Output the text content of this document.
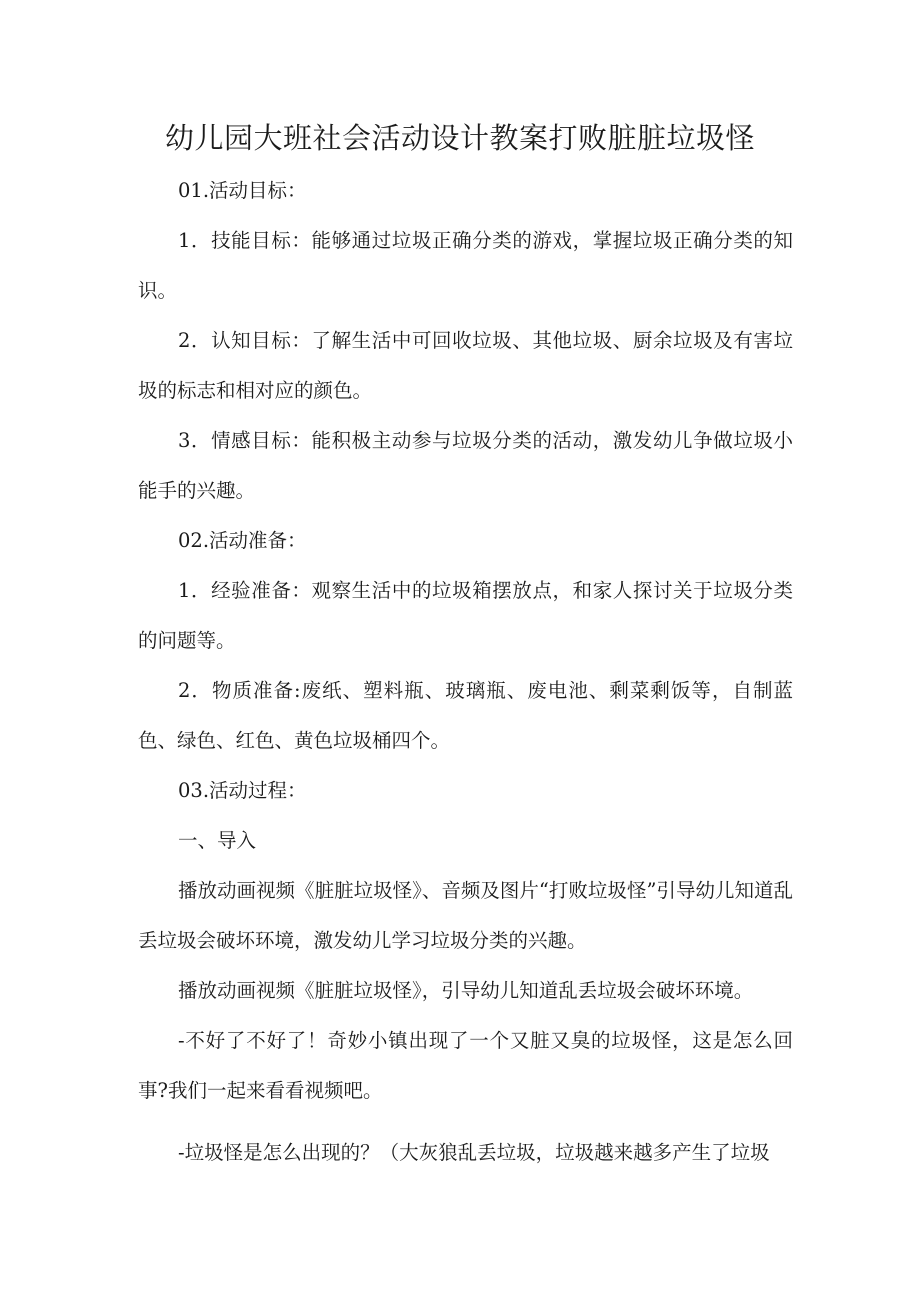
幼儿园大班社会活动设计教案打败脏脏垃圾怪

01.活动目标：

1．技能目标：能够通过垃圾正确分类的游戏，掌握垃圾正确分类的知识。

2．认知目标：了解生活中可回收垃圾、其他垃圾、厨余垃圾及有害垃圾的标志和相对应的颜色。

3．情感目标：能积极主动参与垃圾分类的活动，激发幼儿争做垃圾小能手的兴趣。

02.活动准备：

1．经验准备：观察生活中的垃圾箱摆放点，和家人探讨关于垃圾分类的问题等。

2．物质准备:废纸、塑料瓶、玻璃瓶、废电池、剩菜剩饭等，自制蓝色、绿色、红色、黄色垃圾桶四个。

03.活动过程：

一、导入

播放动画视频《脏脏垃圾怪》、音频及图片“打败垃圾怪”引导幼儿知道乱丢垃圾会破坏环境，激发幼儿学习垃圾分类的兴趣。

播放动画视频《脏脏垃圾怪》，引导幼儿知道乱丢垃圾会破坏环境。

-不好了不好了！奇妙小镇出现了一个又脏又臭的垃圾怪，这是怎么回事?我们一起来看看视频吧。

-垃圾怪是怎么出现的？（大灰狼乱丢垃圾，垃圾越来越多产生了垃圾
